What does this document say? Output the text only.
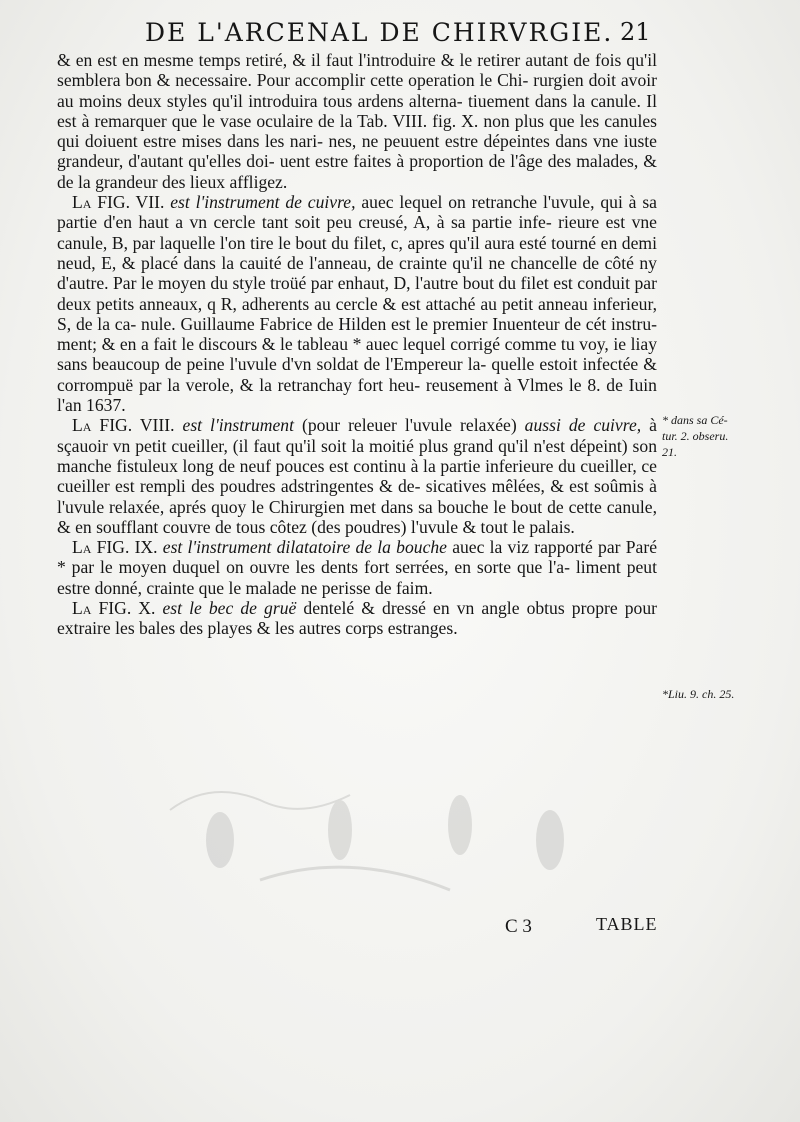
DE L'ARCENAL DE CHIRVRGIE. 21

& en est en mesme temps retiré, & il faut l'introduire & le retirer autant de fois qu'il semblera bon & necessaire. Pour accomplir cette operation le Chi- rurgien doit avoir au moins deux styles qu'il introduira tous ardens alterna- tiuement dans la canule. Il est à remarquer que le vase oculaire de la Tab. VIII. fig. X. non plus que les canules qui doiuent estre mises dans les nari- nes, ne peuuent estre dépeintes dans vne iuste grandeur, d'autant qu'elles doi- uent estre faites à proportion de l'âge des malades, & de la grandeur des lieux affligez.

La FIG. VII. est l'instrument de cuivre, auec lequel on retranche l'uvule, qui à sa partie d'en haut a vn cercle tant soit peu creusé, A, à sa partie infe- rieure est vne canule, B, par laquelle l'on tire le bout du filet, c, apres qu'il aura esté tourné en demi neud, E, & placé dans la cauité de l'anneau, de crainte qu'il ne chancelle de côté ny d'autre. Par le moyen du style troüé par enhaut, D, l'autre bout du filet est conduit par deux petits anneaux, q R, adherents au cercle & est attaché au petit anneau inferieur, S, de la ca- nule. Guillaume Fabrice de Hilden est le premier Inuenteur de cét instru- ment; & en a fait le discours & le tableau * auec lequel corrigé comme tu voy, ie liay sans beaucoup de peine l'uvule d'vn soldat de l'Empereur la- quelle estoit infectée & corrompuë par la verole, & la retranchay fort heu- reusement à Vlmes le 8. de Iuin l'an 1637.

La FIG. VIII. est l'instrument (pour releuer l'uvule relaxée) aussi de cuivre, à sçauoir vn petit cueiller, (il faut qu'il soit la moitié plus grand qu'il n'est dépeint) son manche fistuleux long de neuf pouces est continu à la partie inferieure du cueiller, ce cueiller est rempli des poudres adstringentes & de- sicatives mêlées, & est soûmis à l'uvule relaxée, aprés quoy le Chirurgien met dans sa bouche le bout de cette canule, & en soufflant couvre de tous côtez (des poudres) l'uvule & tout le palais.

La FIG. IX. est l'instrument dilatatoire de la bouche auec la viz rapporté par Paré * par le moyen duquel on ouvre les dents fort serrées, en sorte que l'a- liment peut estre donné, crainte que le malade ne perisse de faim.

La FIG. X. est le bec de gruë dentelé & dressé en vn angle obtus propre pour extraire les bales des playes & les autres corps estranges.

* dans sa Cé-
tur. 2. obseru.
21.
*Liu. 9. ch. 25.
C 3	TABLE
